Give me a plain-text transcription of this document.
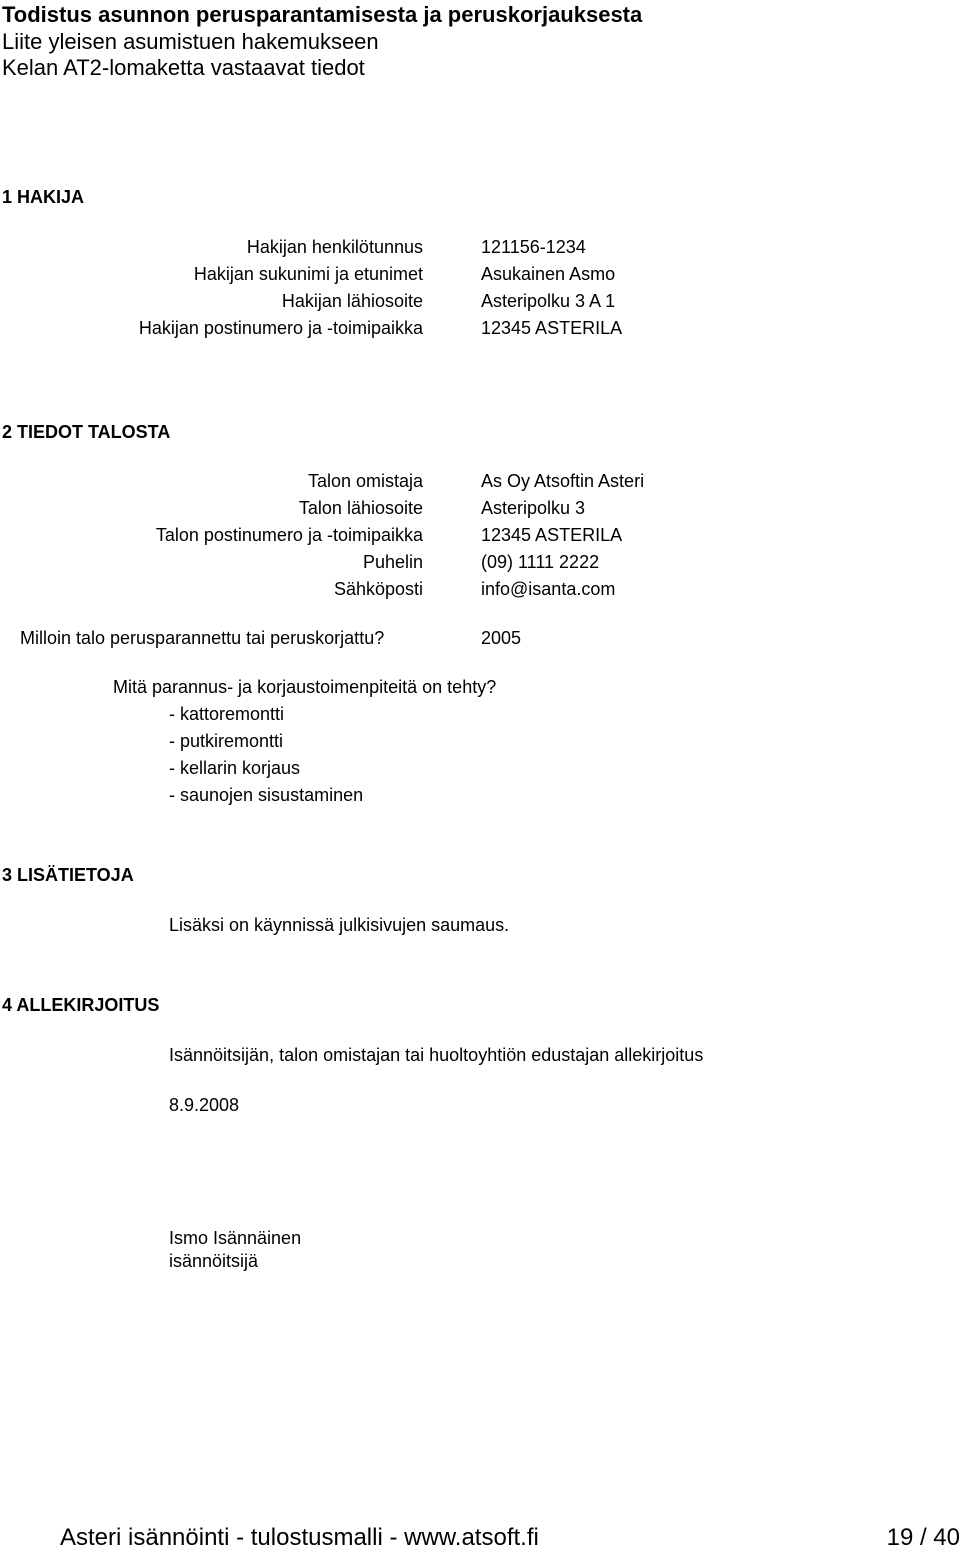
Todistus asunnon perusparantamisesta ja peruskorjauksesta
Liite yleisen asumistuen hakemukseen
Kelan AT2-lomaketta vastaavat tiedot
1 HAKIJA
Hakijan henkilötunnus	121156-1234
Hakijan sukunimi ja etunimet	Asukainen Asmo
Hakijan lähiosoite	Asteripolku 3 A 1
Hakijan postinumero ja -toimipaikka	12345 ASTERILA
2 TIEDOT TALOSTA
Talon omistaja	As Oy Atsoftin Asteri
Talon lähiosoite	Asteripolku 3
Talon postinumero ja -toimipaikka	12345 ASTERILA
Puhelin	(09) 1111 2222
Sähköposti	info@isanta.com
Milloin talo perusparannettu tai peruskorjattu?	2005
Mitä parannus- ja korjaustoimenpiteitä on tehty?
- kattoremontti
- putkiremontti
- kellarin korjaus
- saunojen sisustaminen
3 LISÄTIETOJA
Lisäksi on käynnissä julkisivujen saumaus.
4 ALLEKIRJOITUS
Isännöitsijän, talon omistajan tai huoltoyhtiön edustajan allekirjoitus
8.9.2008
Ismo Isännäinen
isännöitsijä
Asteri isännöinti - tulostusmalli - www.atsoft.fi	19 / 40
